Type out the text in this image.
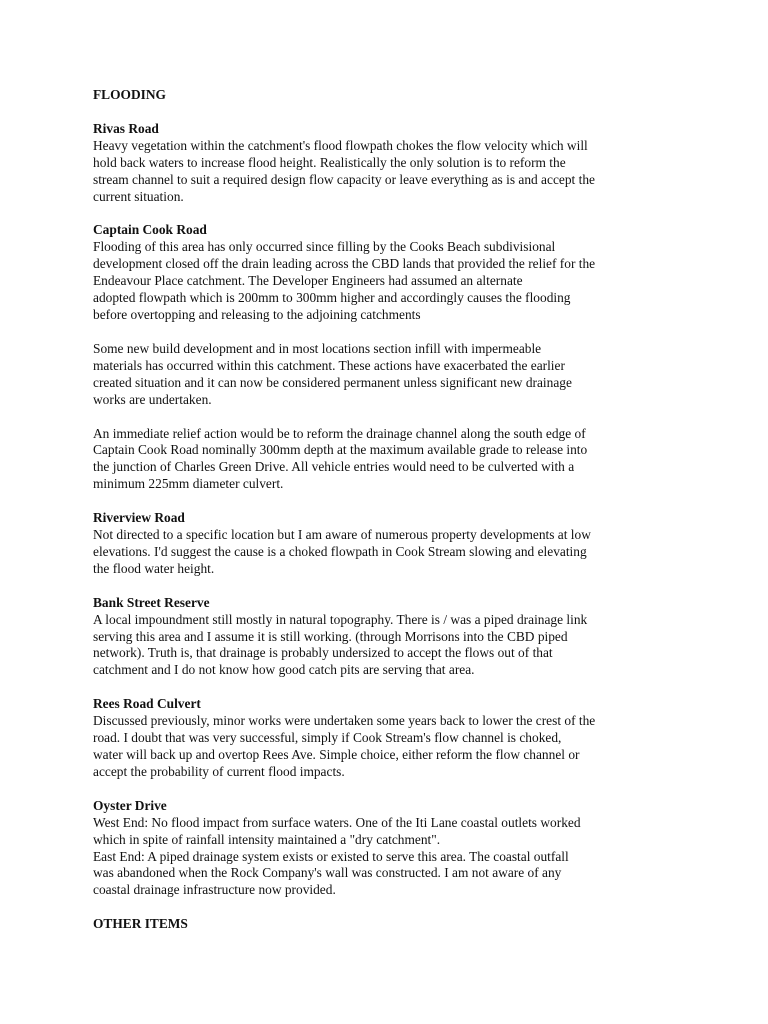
FLOODING
Rivas Road
Heavy vegetation within the catchment's flood flowpath chokes the flow velocity which will
hold back waters to increase flood height. Realistically the only solution is to reform the
stream channel to suit a required design flow capacity or leave everything as is and accept the
current situation.
Captain Cook Road
Flooding of this area has only occurred since filling by the Cooks Beach subdivisional
development closed off the drain leading across the CBD lands that provided the relief for the
Endeavour Place catchment. The Developer Engineers had assumed an alternate
adopted flowpath which is 200mm to 300mm higher and accordingly causes the flooding
before overtopping and releasing to the adjoining catchments
Some new build development and in most locations section infill with impermeable
materials has occurred within this catchment. These actions have exacerbated the earlier
created situation and it can now be considered permanent unless significant new drainage
works are undertaken.
An immediate relief action would be to reform the drainage channel along the south edge of
Captain Cook Road nominally 300mm depth at the maximum available grade to release into
the junction of Charles Green Drive. All vehicle entries would need to be culverted with a
minimum 225mm diameter culvert.
Riverview Road
Not directed to a specific location but I am aware of numerous property developments at low
elevations. I'd suggest the cause is a choked flowpath in Cook Stream slowing and elevating
the flood water height.
Bank Street Reserve
A local impoundment still mostly in natural topography. There is / was a piped drainage link
serving this area and I assume it is still working. (through Morrisons into the CBD piped
network). Truth is, that drainage is probably undersized to accept the flows out of that
catchment and I do not know how good catch pits are serving that area.
Rees Road Culvert
Discussed previously, minor works were undertaken some years back to lower the crest of the
road. I doubt that was very successful, simply if Cook Stream's flow channel is choked,
water will back up and overtop Rees Ave. Simple choice, either reform the flow channel or
accept the probability of current flood impacts.
Oyster Drive
West End: No flood impact from surface waters. One of the Iti Lane coastal outlets worked
which in spite of rainfall intensity maintained a "dry catchment".
East End: A piped drainage system exists or existed to serve this area. The coastal outfall
was abandoned when the Rock Company's wall was constructed. I am not aware of any
coastal drainage infrastructure now provided.
OTHER ITEMS
